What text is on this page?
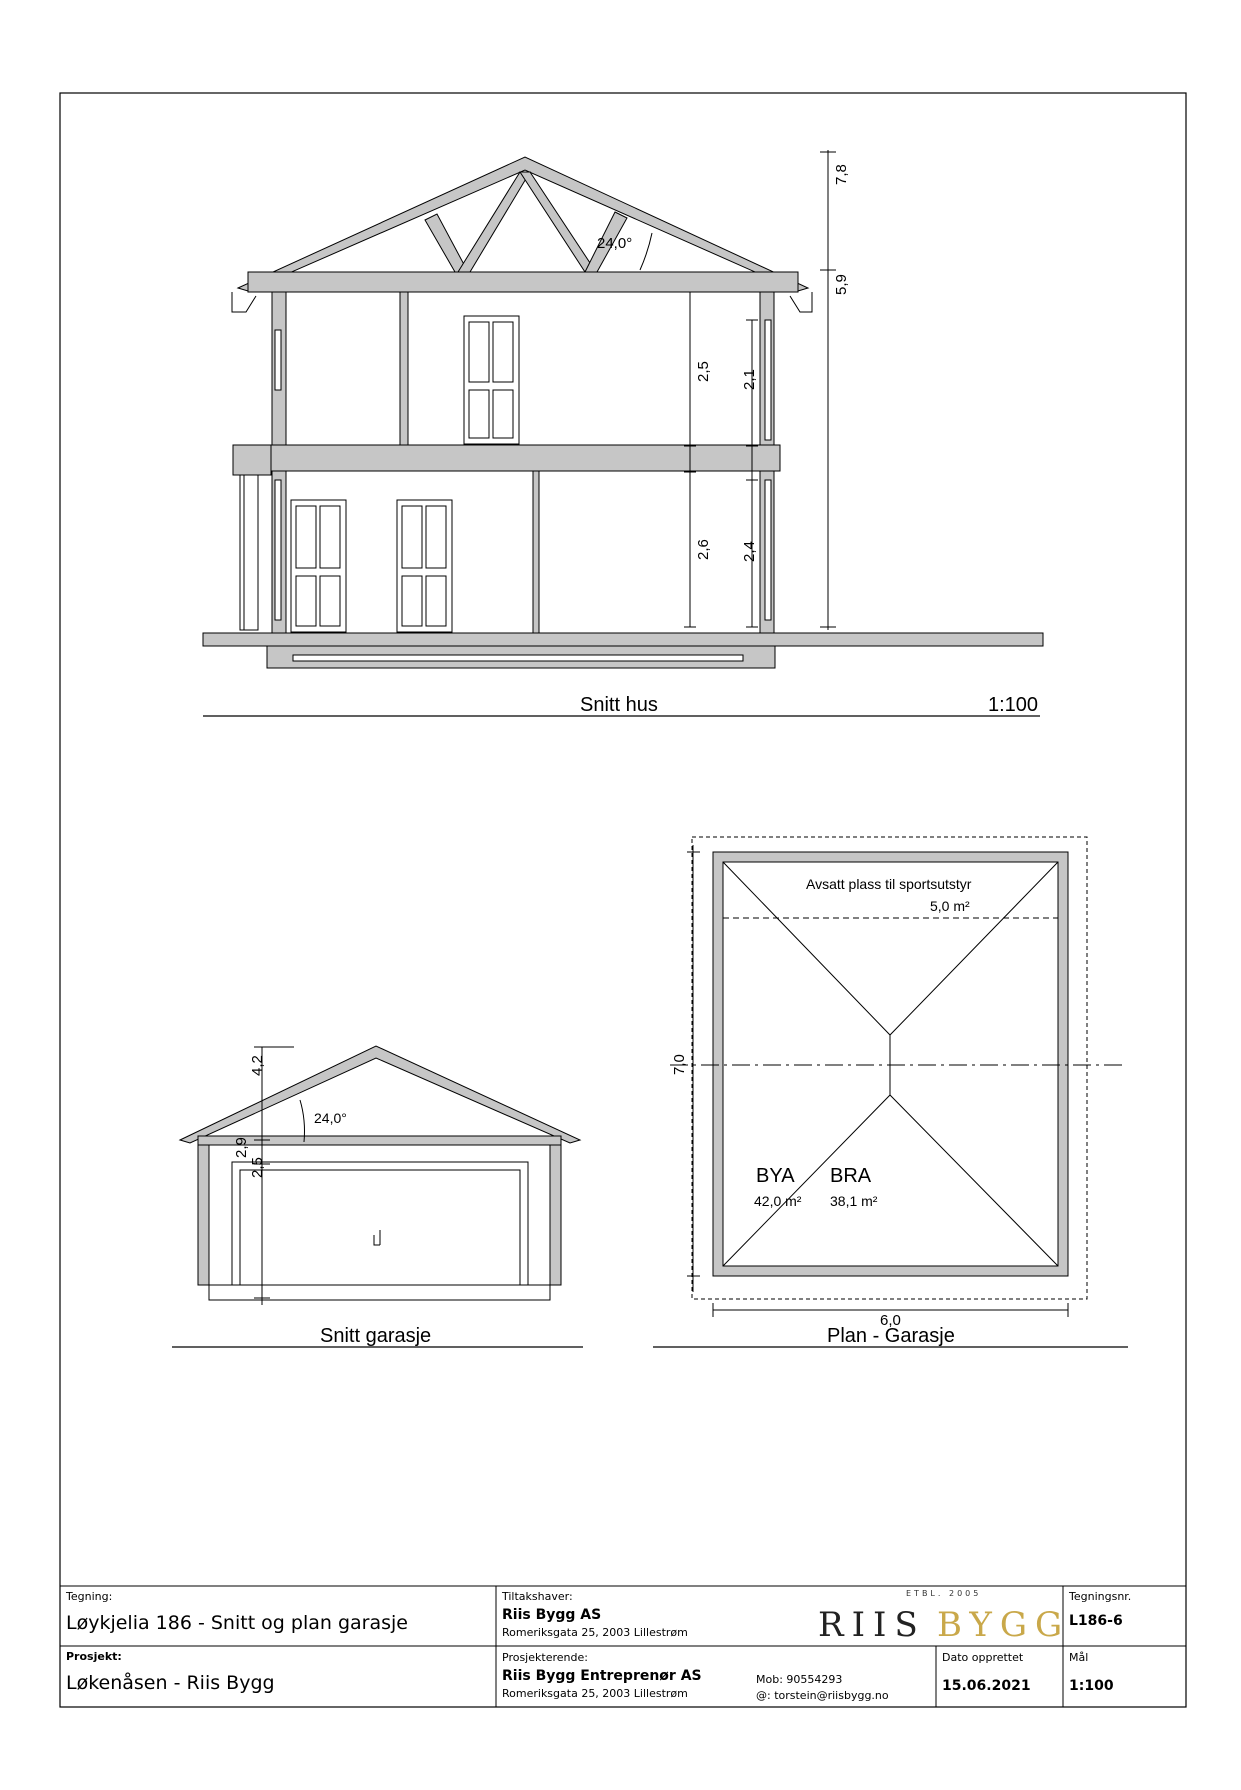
24,0°
7,8
5,9
2,5 2,1
2,6 2,4
Snitt hus	1:100
24,0°
4,2
2,9
2,5
Snitt garasje
Avsatt plass til sportsutstyr
5,0 m²
7,0
6,0
BYA
42,0 m²
BRA
38,1 m²
Plan - Garasje
Tegning:
Løykjelia 186 - Snitt og plan garasje
Prosjekt:
Løkenåsen - Riis Bygg
Tiltakshaver:
Riis Bygg AS
Romeriksgata 25, 2003 Lillestrøm
Prosjekterende:
Riis Bygg Entreprenør AS
Romeriksgata 25, 2003 Lillestrøm
Mob: 90554293
@: torstein@riisbygg.no
ETBL. 2005
RIIS BYGG
Tegningsnr.
L186-6
Dato opprettet
15.06.2021
Mål
1:100
